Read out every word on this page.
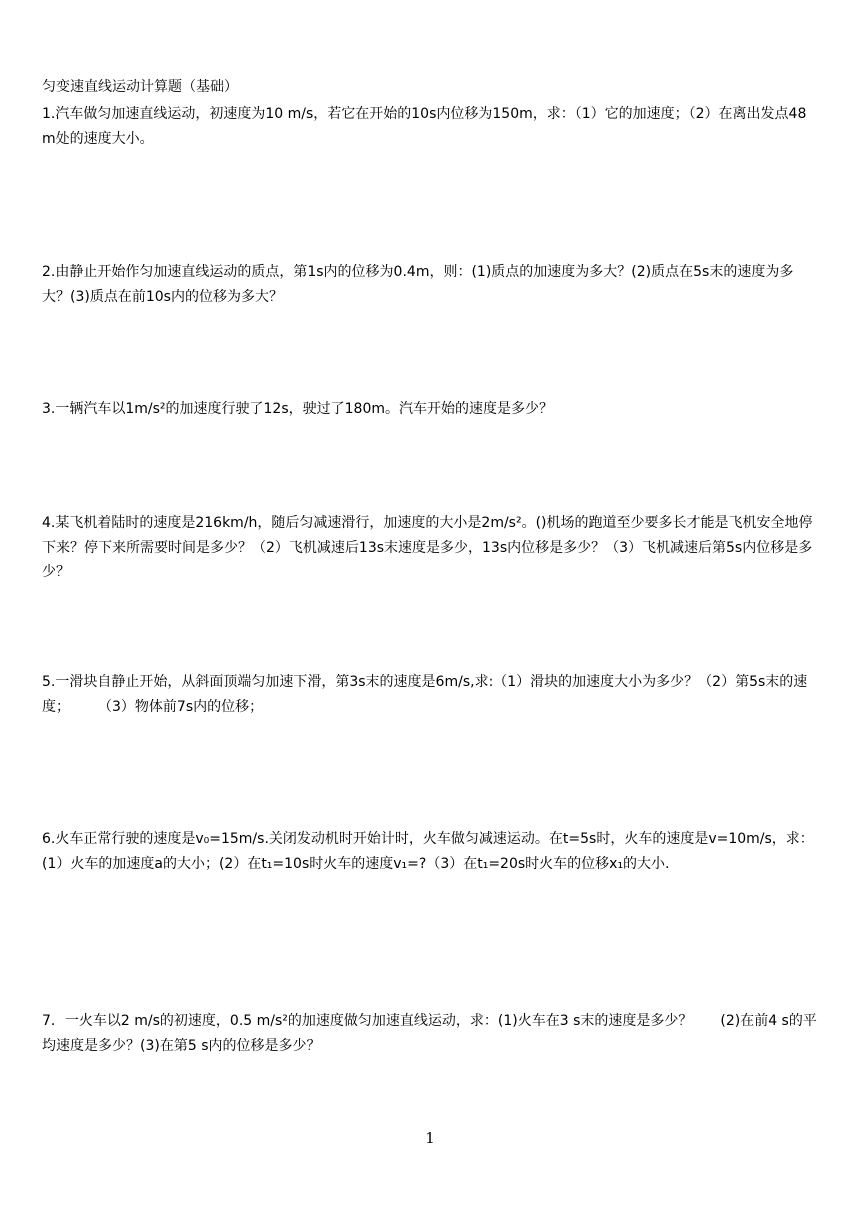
匀变速直线运动计算题（基础）
1.汽车做匀加速直线运动，初速度为10 m/s，若它在开始的10s内位移为150m，求：（1）它的加速度；（2）在离出发点48 m处的速度大小。
2.由静止开始作匀加速直线运动的质点，第1s内的位移为0.4m，则：(1)质点的加速度为多大？(2)质点在5s末的速度为多大？(3)质点在前10s内的位移为多大？
3.一辆汽车以1m/s²的加速度行驶了12s，驶过了180m。汽车开始的速度是多少？
4.某飞机着陆时的速度是216km/h，随后匀减速滑行，加速度的大小是2m/s²。()机场的跑道至少要多长才能是飞机安全地停下来？停下来所需要时间是多少？（2）飞机减速后13s末速度是多少，13s内位移是多少？（3）飞机减速后第5s内位移是多少？
5.一滑块自静止开始，从斜面顶端匀加速下滑，第3s末的速度是6m/s,求:（1）滑块的加速度大小为多少？（2）第5s末的速度；　　　（3）物体前7s内的位移；
6.火车正常行驶的速度是v₀=15m/s.关闭发动机时开始计时，火车做匀减速运动。在t=5s时，火车的速度是v=10m/s，求：(1）火车的加速度a的大小；(2）在t₁=10s时火车的速度v₁=?（3）在t₁=20s时火车的位移x₁的大小.
7．一火车以2 m/s的初速度，0.5 m/s²的加速度做匀加速直线运动，求：(1)火车在3 s末的速度是多少？　　(2)在前4 s的平均速度是多少？(3)在第5 s内的位移是多少？
1
